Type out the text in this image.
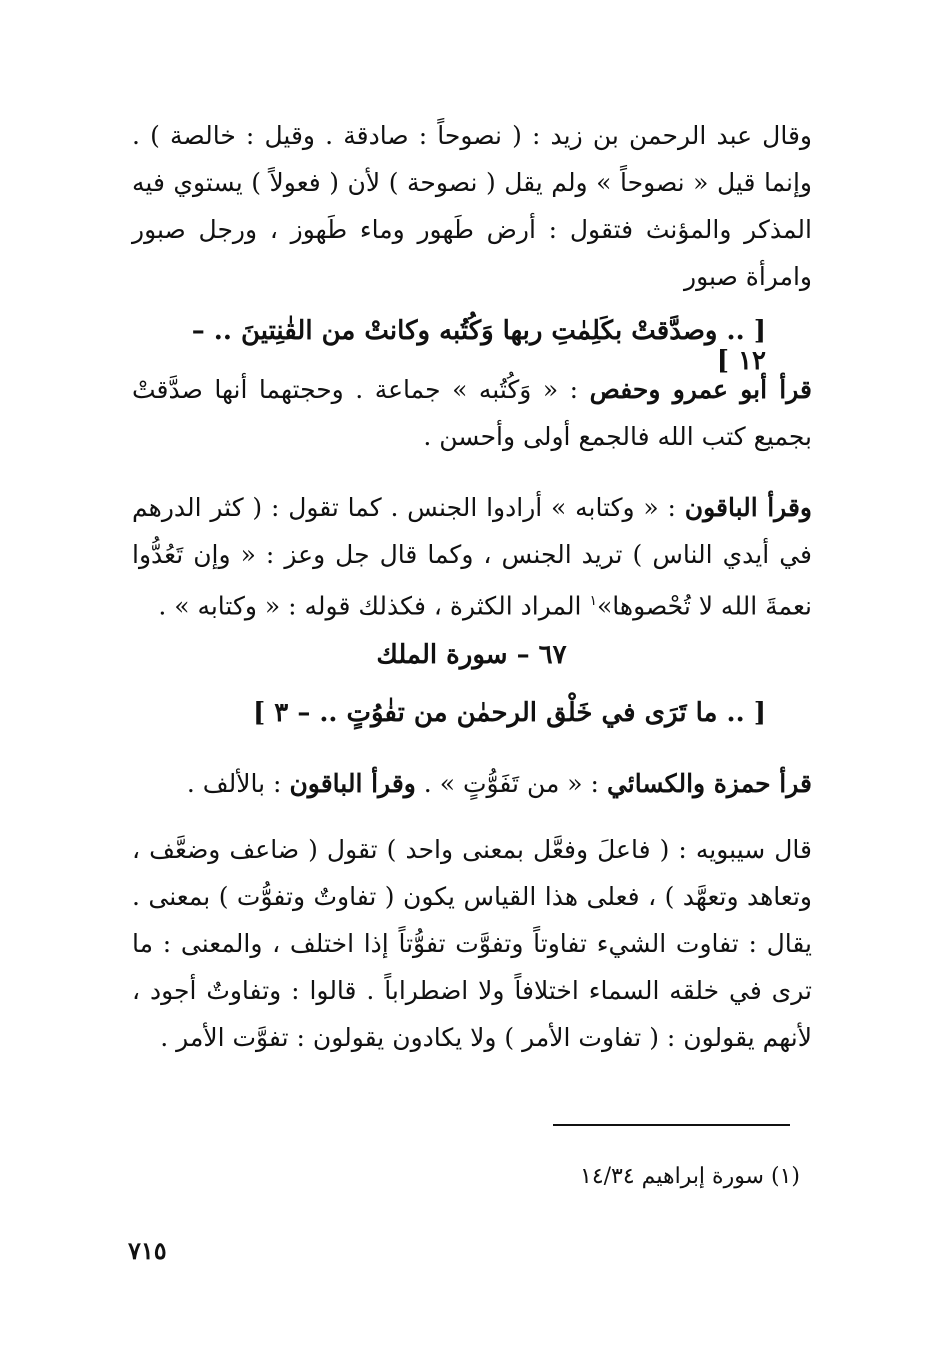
وقال عبد الرحمن بن زيد : ( نصوحاً : صادقة . وقيل : خالصة ) . وإنما قيل « نصوحاً » ولم يقل ( نصوحة ) لأن ( فعولاً ) يستوي فيه المذكر والمؤنث فتقول : أرض طَهور وماء طَهوز ، ورجل صبور وامرأة صبور

[ .. وصدَّقتْ بكَلِمٰتِ ربها وَكُتُبه وكانتْ من القٰنِتينَ .. – ١٢ ]

قرأ أبو عمرو وحفص : « وَكُتُبه » جماعة . وحجتهما أنها صدَّقتْ بجميع كتب الله فالجمع أولى وأحسن .

وقرأ الباقون : « وكتابه » أرادوا الجنس . كما تقول : ( كثر الدرهم في أيدي الناس ) تريد الجنس ، وكما قال جل وعز : « وإن تَعُدُّوا نعمةَ الله لا تُحْصوها»$^١$ المراد الكثرة ، فكذلك قوله : « وكتابه » .

٦٧ – سورة الملك
[ .. ما تَرَى في خَلْق الرحمٰن من تفٰوُتٍ .. – ٣ ]

قرأ حمزة والكسائي : « من تَفَوُّتٍ » . وقرأ الباقون : بالألف .

قال سيبويه : ( فاعلَ وفعَّل بمعنى واحد ) تقول ( ضاعف وضعَّف ، وتعاهد وتعهَّد ) ، فعلى هذا القياس يكون ( تفاوتٌ وتفوُّت ) بمعنى . يقال : تفاوت الشيء تفاوتاً وتفوَّت تفوُّتاً إذا اختلف ، والمعنى : ما ترى في خلقه السماء اختلافاً ولا اضطراباً . قالوا : وتفاوتٌ أجود ، لأنهم يقولون : ( تفاوت الأمر ) ولا يكادون يقولون : تفوَّت الأمر .

(١) سورة إبراهيم ١٤/٣٤
٧١٥
